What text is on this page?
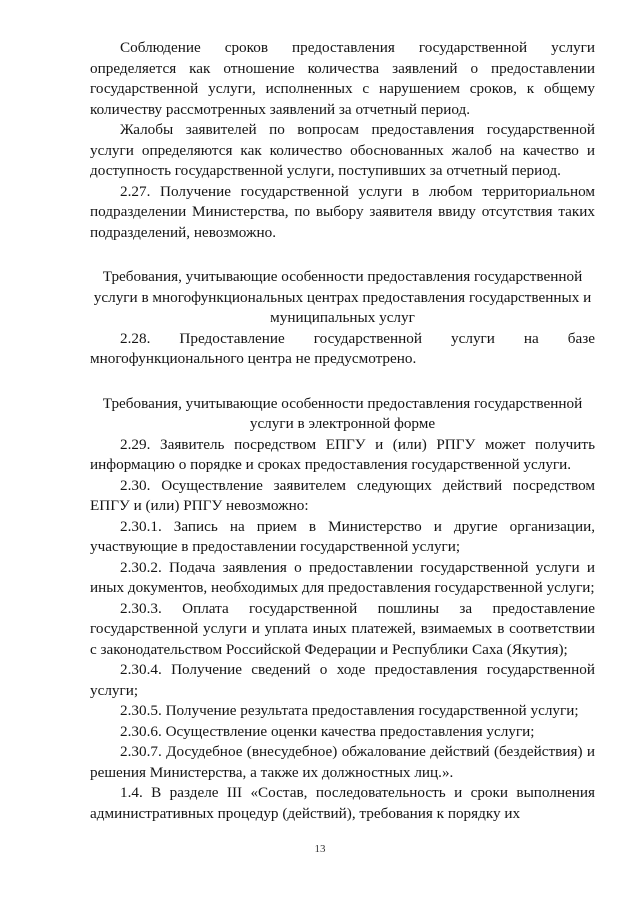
Соблюдение сроков предоставления государственной услуги определяется как отношение количества заявлений о предоставлении государственной услуги, исполненных с нарушением сроков, к общему количеству рассмотренных заявлений за отчетный период.

Жалобы заявителей по вопросам предоставления государственной услуги определяются как количество обоснованных жалоб на качество и доступность государственной услуги, поступивших за отчетный период.

2.27. Получение государственной услуги в любом территориальном подразделении Министерства, по выбору заявителя ввиду отсутствия таких подразделений, невозможно.

Требования, учитывающие особенности предоставления государственной услуги в многофункциональных центрах предоставления государственных и муниципальных услуг

2.28. Предоставление государственной услуги на базе многофункционального центра не предусмотрено.

Требования, учитывающие особенности предоставления государственной услуги в электронной форме

2.29. Заявитель посредством ЕПГУ и (или) РПГУ может получить информацию о порядке и сроках предоставления государственной услуги.

2.30. Осуществление заявителем следующих действий посредством ЕПГУ и (или) РПГУ невозможно:

2.30.1. Запись на прием в Министерство и другие организации, участвующие в предоставлении государственной услуги;

2.30.2. Подача заявления о предоставлении государственной услуги и иных документов, необходимых для предоставления государственной услуги;

2.30.3. Оплата государственной пошлины за предоставление государственной услуги и уплата иных платежей, взимаемых в соответствии с законодательством Российской Федерации и Республики Саха (Якутия);

2.30.4. Получение сведений о ходе предоставления государственной услуги;

2.30.5. Получение результата предоставления государственной услуги;

2.30.6. Осуществление оценки качества предоставления услуги;

2.30.7. Досудебное (внесудебное) обжалование действий (бездействия) и решения Министерства, а также их должностных лиц.».

1.4. В разделе III «Состав, последовательность и сроки выполнения административных процедур (действий), требования к порядку их

13
